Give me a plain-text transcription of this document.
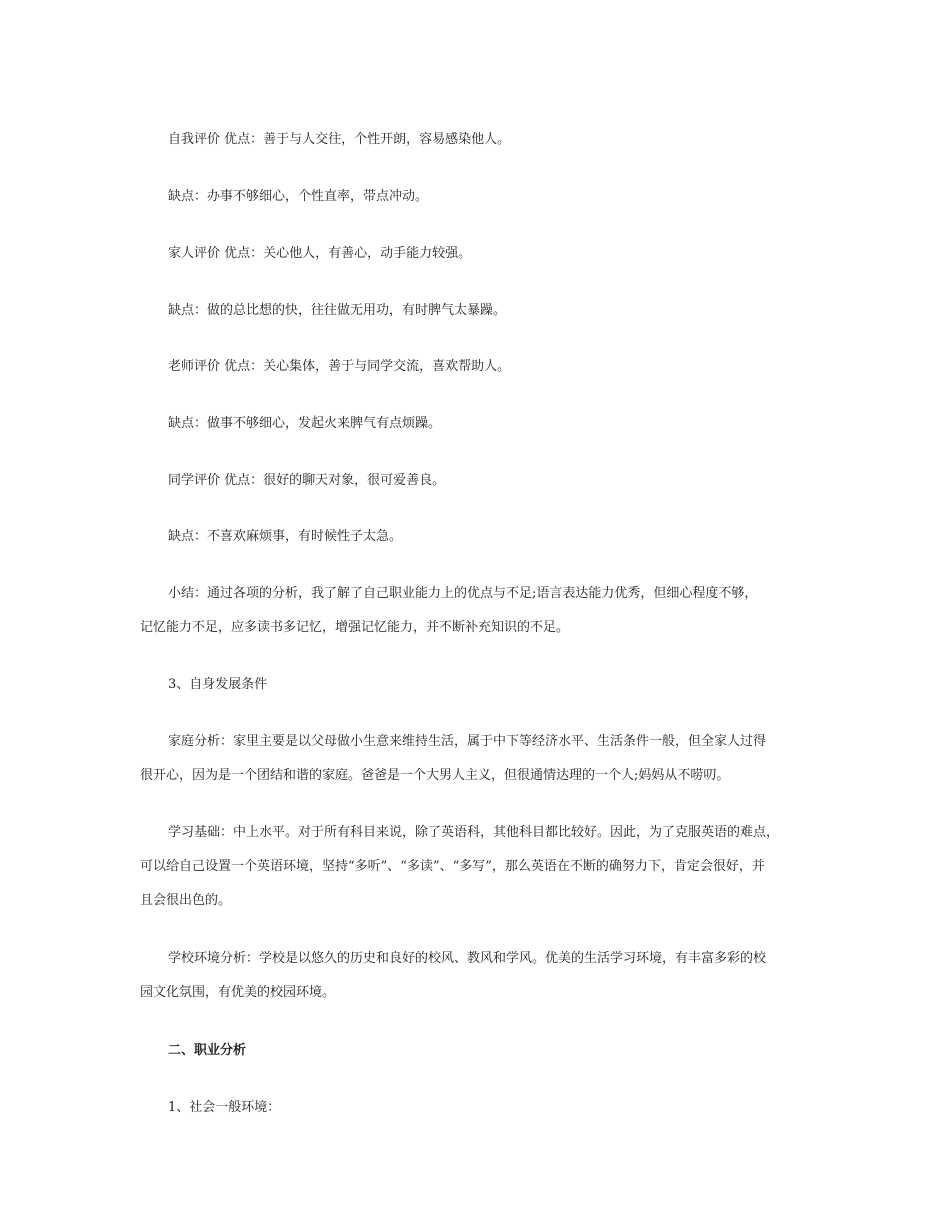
自我评价 优点：善于与人交往，个性开朗，容易感染他人。

缺点：办事不够细心，个性直率，带点冲动。

家人评价 优点：关心他人，有善心，动手能力较强。

缺点：做的总比想的快，往往做无用功，有时脾气太暴躁。

老师评价 优点：关心集体，善于与同学交流，喜欢帮助人。

缺点：做事不够细心，发起火来脾气有点烦躁。

同学评价 优点：很好的聊天对象，很可爱善良。

缺点：不喜欢麻烦事，有时候性子太急。

小结：通过各项的分析，我了解了自己职业能力上的优点与不足;语言表达能力优秀，但细心程度不够，
记忆能力不足，应多读书多记忆，增强记忆能力，并不断补充知识的不足。

3、自身发展条件

家庭分析：家里主要是以父母做小生意来维持生活，属于中下等经济水平、生活条件一般，但全家人过得
很开心，因为是一个团结和谐的家庭。爸爸是一个大男人主义，但很通情达理的一个人;妈妈从不唠叨。

学习基础：中上水平。对于所有科目来说，除了英语科，其他科目都比较好。因此，为了克服英语的难点，
可以给自己设置一个英语环境，坚持“多听”、“多读”、“多写”，那么英语在不断的确努力下，肯定会很好，并
且会很出色的。

学校环境分析：学校是以悠久的历史和良好的校风、教风和学风。优美的生活学习环境，有丰富多彩的校
园文化氛围，有优美的校园环境。

二、职业分析

1、社会一般环境：
